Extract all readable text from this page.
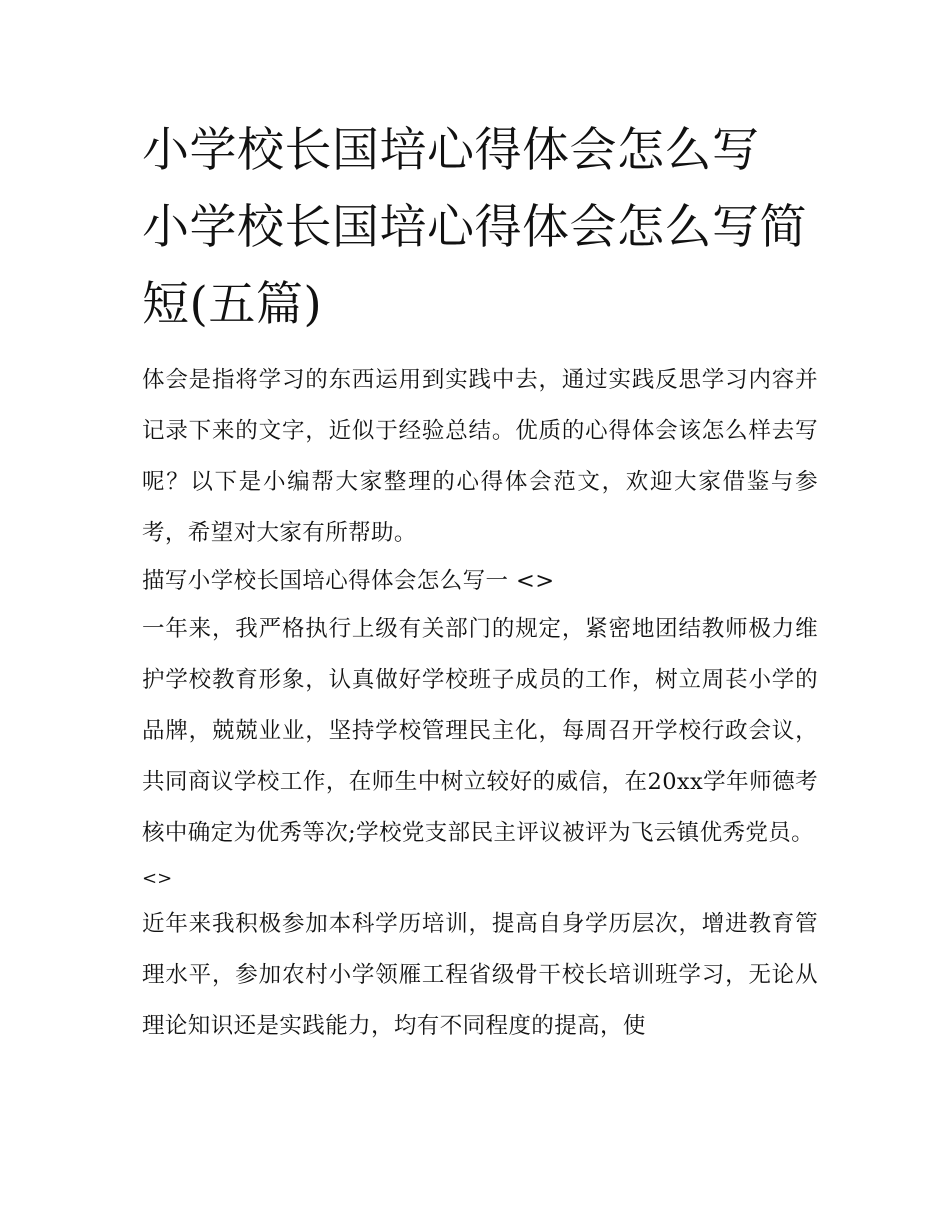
小学校长国培心得体会怎么写 小学校长国培心得体会怎么写简短(五篇)

体会是指将学习的东西运用到实践中去，通过实践反思学习内容并记录下来的文字，近似于经验总结。优质的心得体会该怎么样去写呢？以下是小编帮大家整理的心得体会范文，欢迎大家借鉴与参考，希望对大家有所帮助。

描写小学校长国培心得体会怎么写一 <>

一年来，我严格执行上级有关部门的规定，紧密地团结教师极力维护学校教育形象，认真做好学校班子成员的工作，树立周苌小学的品牌，兢兢业业，坚持学校管理民主化，每周召开学校行政会议，共同商议学校工作，在师生中树立较好的威信，在20xx学年师德考核中确定为优秀等次;学校党支部民主评议被评为飞云镇优秀党员。

<>

近年来我积极参加本科学历培训，提高自身学历层次，增进教育管理水平，参加农村小学领雁工程省级骨干校长培训班学习，无论从理论知识还是实践能力，均有不同程度的提高，使
